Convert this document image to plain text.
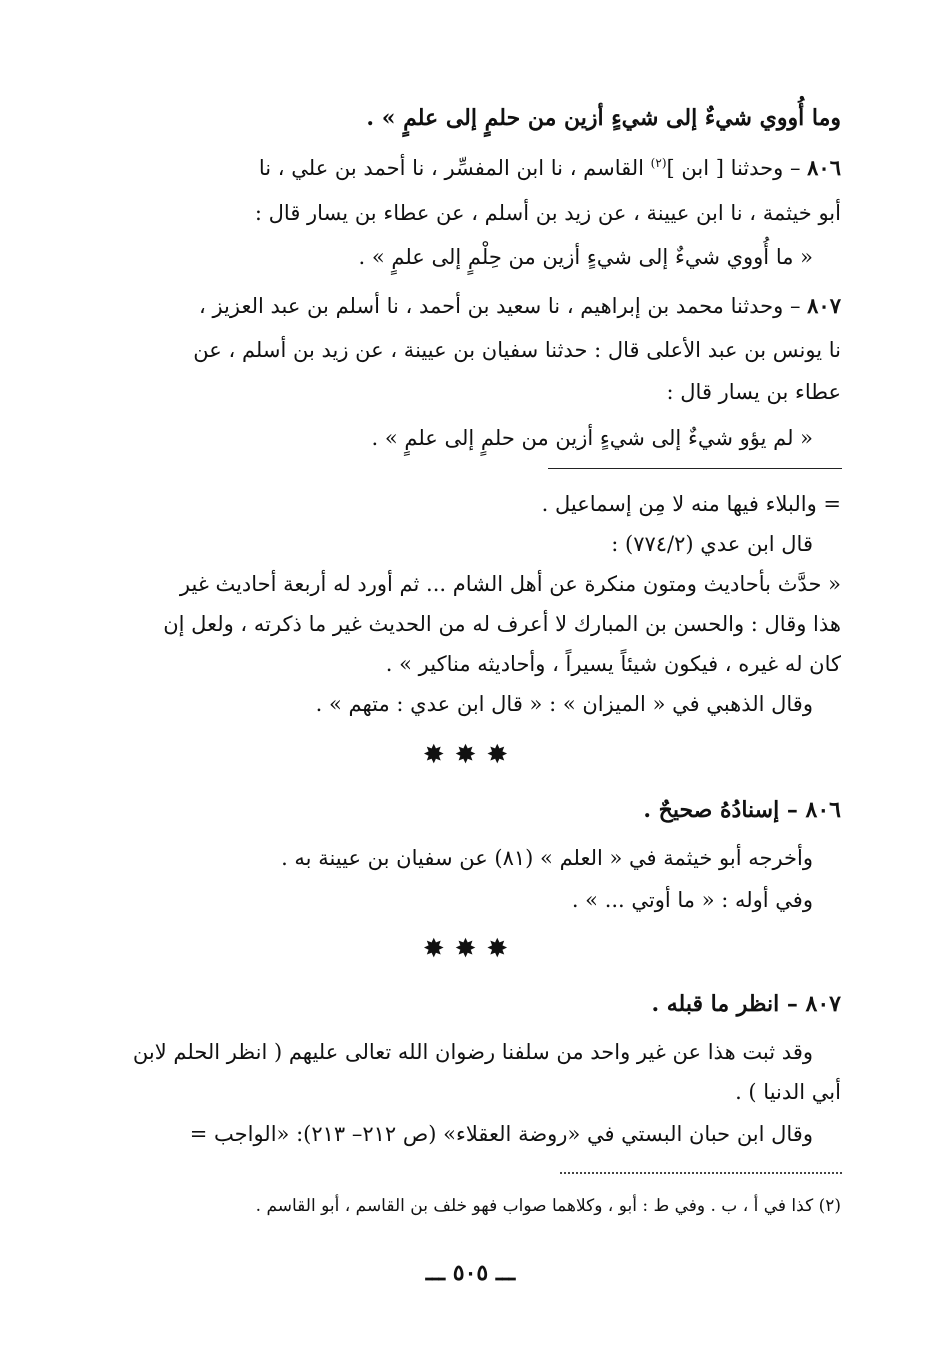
وما أُووي شيءٌ إلى شيءٍ أزين من حلمٍ إلى علمٍ » .
٨٠٦ – وحدثنا [ ابن ]$^{(٢)}$ القاسم ، نا ابن المفسِّر ، نا أحمد بن علي ، نا
أبو خيثمة ، نا ابن عيينة ، عن زيد بن أسلم ، عن عطاء بن يسار قال :
« ما أُووي شيءٌ إلى شيءٍ أزين من حِلْمٍ إلى علمٍ » .
٨٠٧ – وحدثنا محمد بن إبراهيم ، نا سعيد بن أحمد ، نا أسلم بن عبد العزيز ،
نا يونس بن عبد الأعلى قال : حدثنا سفيان بن عيينة ، عن زيد بن أسلم ، عن
عطاء بن يسار قال :
« لم يؤو شيءٌ إلى شيءٍ أزين من حلمٍ إلى علمٍ » .
= والبلاء فيها منه لا مِن إسماعيل .
قال ابن عدي (٧٧٤/٢) :
« حدَّث بأحاديث ومتون منكرة عن أهل الشام ... ثم أورد له أربعة أحاديث غير
هذا وقال : والحسن بن المبارك لا أعرف له من الحديث غير ما ذكرته ، ولعل إن
كان له غيره ، فيكون شيئاً يسيراً ، وأحاديثه مناكير » .
وقال الذهبي في « الميزان » : « قال ابن عدي : متهم » .
✸✸✸
٨٠٦ – إسنادُهُ صحيحٌ .
وأخرجه أبو خيثمة في « العلم » (٨١) عن سفيان بن عيينة به .
وفي أوله : « ما أوتي ... » .
✸✸✸
٨٠٧ – انظر ما قبله .
وقد ثبت هذا عن غير واحد من سلفنا رضوان الله تعالى عليهم ( انظر الحلم لابن
أبي الدنيا ) .
وقال ابن حبان البستي في «روضة العقلاء» (ص ٢١٢– ٢١٣): «الواجب =
(٢) كذا في أ ، ب . وفي ط : أبو ، وكلاهما صواب فهو خلف بن القاسم ، أبو القاسم .
ـــ ٥٠٥ ـــ
